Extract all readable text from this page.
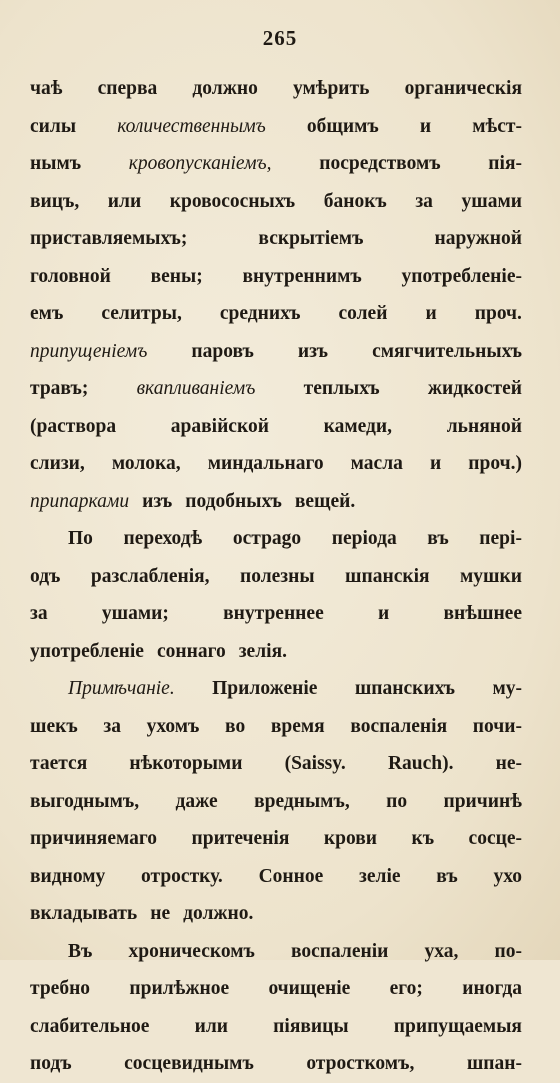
265
чаѣ сперва должно умѣрить органическія
силы количественнымъ общимъ и мѣст-
нымъ кровопусканіемъ, посредствомъ пія-
вицъ, или кровососныхъ банокъ за ушами
приставляемыхъ;	вскрытіемъ	наружной
головной вены; внутреннимъ употребленіе-
емъ селитры, среднихъ солей и проч.
припущеніемъ паровъ изъ смягчительныхъ
травъ; вкапливаніемъ теплыхъ жидкостей
(раствора	аравійской	камеди,	льняной
слизи, молока, миндальнаго масла и проч.)
припарками изъ подобныхъ вещей.
По переходѣ острago періода въ пері-
одъ разслабленія, полезны шпанскія мушки
за	ушами;	внутреннее	и	внѣшнее
употребленіе соннаго зелія.
Примѣчаніе. Приложеніе шпанскихъ му-
шекъ за ухомъ во время воспаленія почи-
тается нѣкоторыми (Saissy. Rauch). не-
выгоднымъ, даже вреднымъ, по причинѣ
причиняемаго притеченія крови къ сосце-
видному отростку. Сонное зеліе въ ухо
вкладывать не должно.
Въ хроническомъ воспаленіи уха, по-
требно прилѣжное очищеніе его; иногда
слабительное или піявицы припущаемыя
подъ	сосцевиднымъ	отросткомъ,	шпан-
